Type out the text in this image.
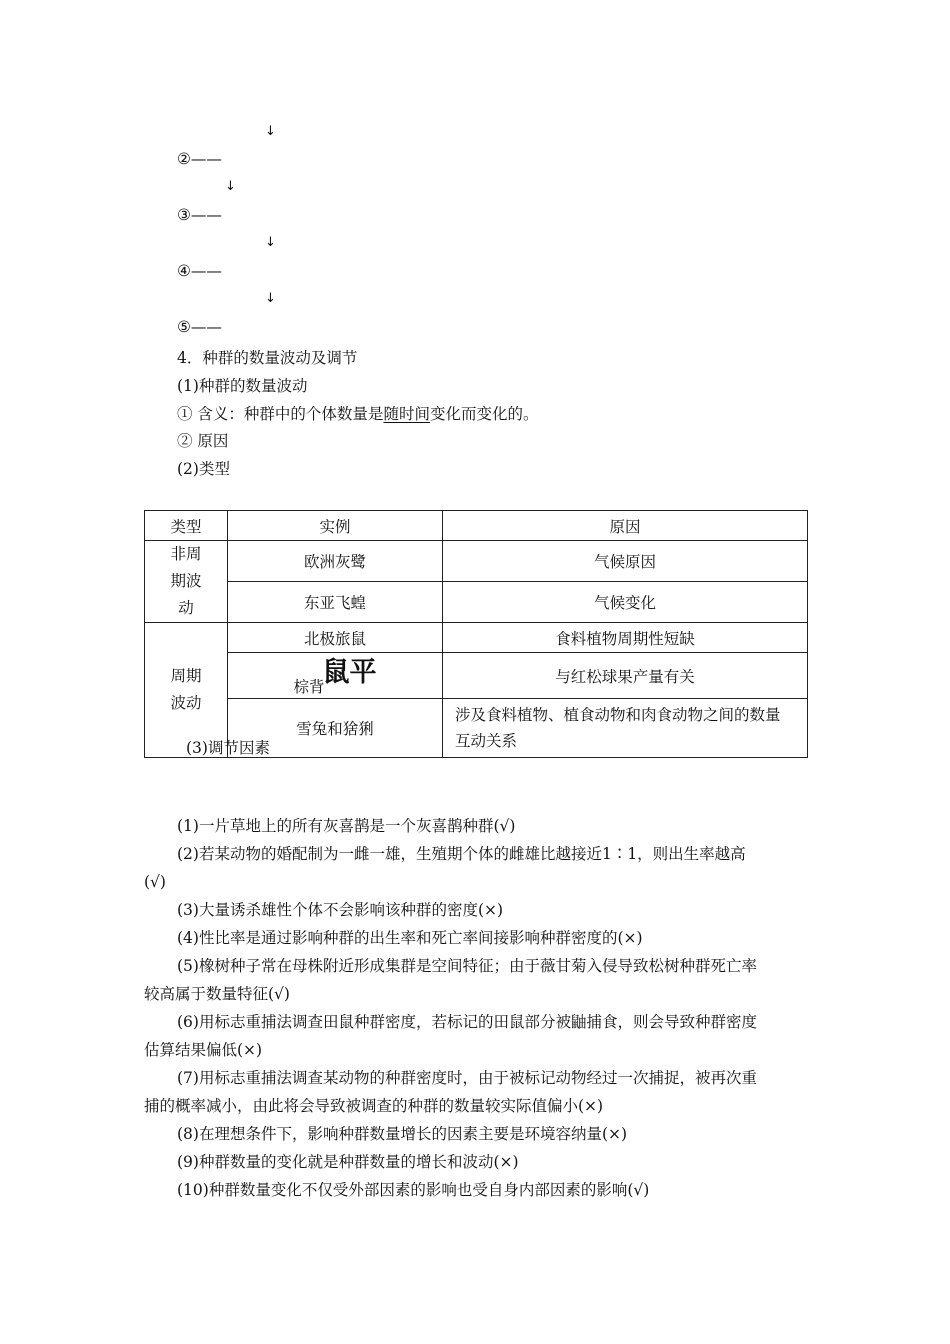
↓
②——
↓
③——
↓
④——
↓
⑤——
4．种群的数量波动及调节
(1)种群的数量波动
① 含义：种群中的个体数量是随时间变化而变化的。
② 原因
(2)类型
类型	实例	原因

非周期波动	欧洲灰鹭	气候原因
	东亚飞蝗	气候变化

周期波动	北极旅鼠	食料植物周期性短缺
	棕背鼠平	与红松球果产量有关
	雪兔和猞猁	涉及食料植物、植食动物和肉食动物之间的数量互动关系
(3)调节因素
(1)一片草地上的所有灰喜鹊是一个灰喜鹊种群(√)
(2)若某动物的婚配制为一雌一雄，生殖期个体的雌雄比越接近1∶1，则出生率越高
(√)
(3)大量诱杀雄性个体不会影响该种群的密度(×)
(4)性比率是通过影响种群的出生率和死亡率间接影响种群密度的(×)
(5)橡树种子常在母株附近形成集群是空间特征；由于薇甘菊入侵导致松树种群死亡率
较高属于数量特征(√)
(6)用标志重捕法调查田鼠种群密度，若标记的田鼠部分被鼬捕食，则会导致种群密度
估算结果偏低(×)
(7)用标志重捕法调查某动物的种群密度时，由于被标记动物经过一次捕捉，被再次重
捕的概率减小，由此将会导致被调查的种群的数量较实际值偏小(×)
(8)在理想条件下，影响种群数量增长的因素主要是环境容纳量(×)
(9)种群数量的变化就是种群数量的增长和波动(×)
(10)种群数量变化不仅受外部因素的影响也受自身内部因素的影响(√)
